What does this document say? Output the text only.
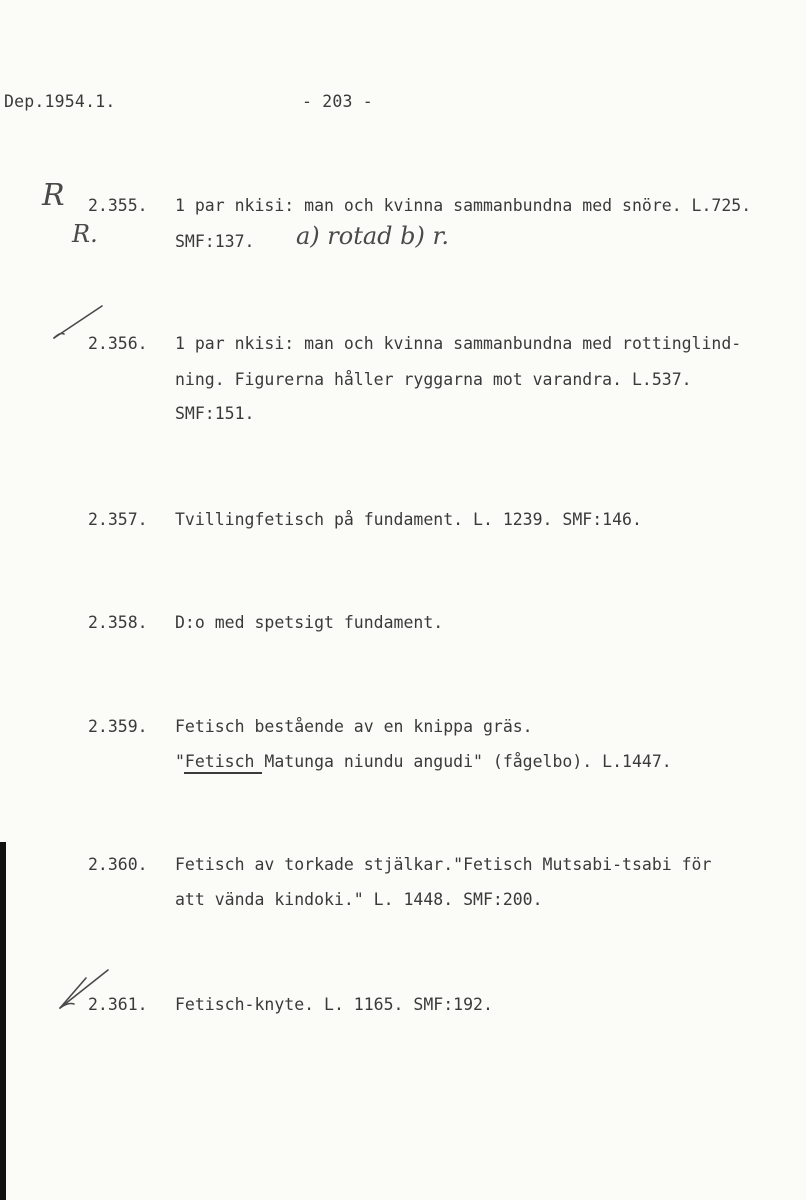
Dep.1954.1.	- 203 -
R
R.
2.355. 1 par nkisi: man och kvinna sammanbundna med snöre. L.725.
SMF:137. a) rotad b) r.
2.356. 1 par nkisi: man och kvinna sammanbundna med rottinglind-
ning. Figurerna håller ryggarna mot varandra. L.537.
SMF:151.
2.357. Tvillingfetisch på fundament. L. 1239. SMF:146.
2.358. D:o med spetsigt fundament.
2.359. Fetisch bestående av en knippa gräs.
"Fetisch Matunga niundu angudi" (fågelbo). L.1447.
2.360. Fetisch av torkade stjälkar."Fetisch Mutsabi-tsabi för
att vända kindoki." L. 1448. SMF:200.
2.361. Fetisch-knyte. L. 1165. SMF:192.
